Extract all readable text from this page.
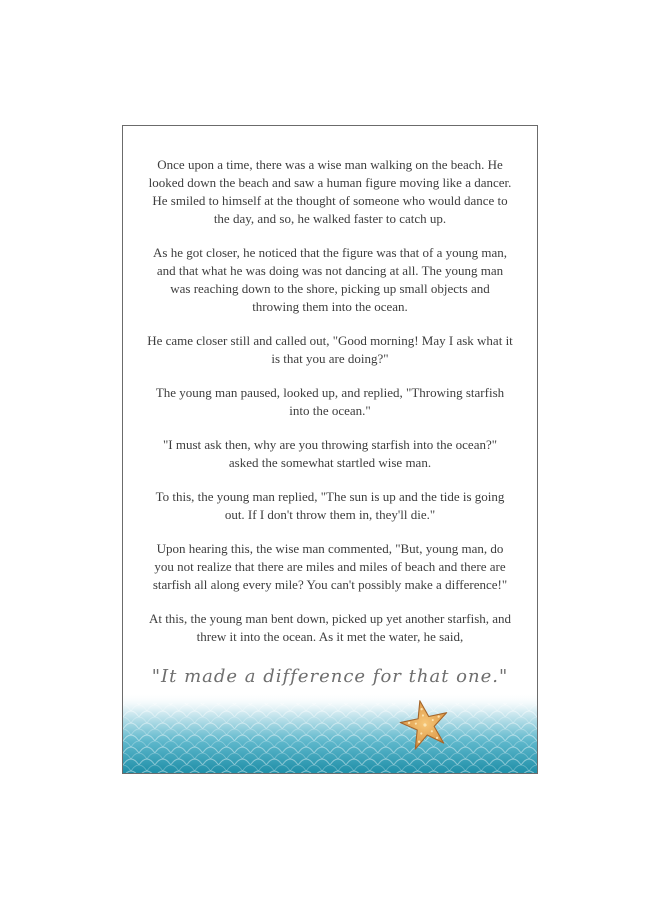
Once upon a time, there was a wise man walking on the beach. He looked down the beach and saw a human figure moving like a dancer. He smiled to himself at the thought of someone who would dance to the day, and so, he walked faster to catch up.

As he got closer, he noticed that the figure was that of a young man, and that what he was doing was not dancing at all. The young man was reaching down to the shore, picking up small objects and throwing them into the ocean.

He came closer still and called out, "Good morning! May I ask what it is that you are doing?"

The young man paused, looked up, and replied, "Throwing starfish into the ocean."

"I must ask then, why are you throwing starfish into the ocean?" asked the somewhat startled wise man.

To this, the young man replied, "The sun is up and the tide is going out. If I don't throw them in, they'll die."

Upon hearing this, the wise man commented, "But, young man, do you not realize that there are miles and miles of beach and there are starfish all along every mile? You can't possibly make a difference!"

At this, the young man bent down, picked up yet another starfish, and threw it into the ocean. As it met the water, he said,

"It made a difference for that one."
